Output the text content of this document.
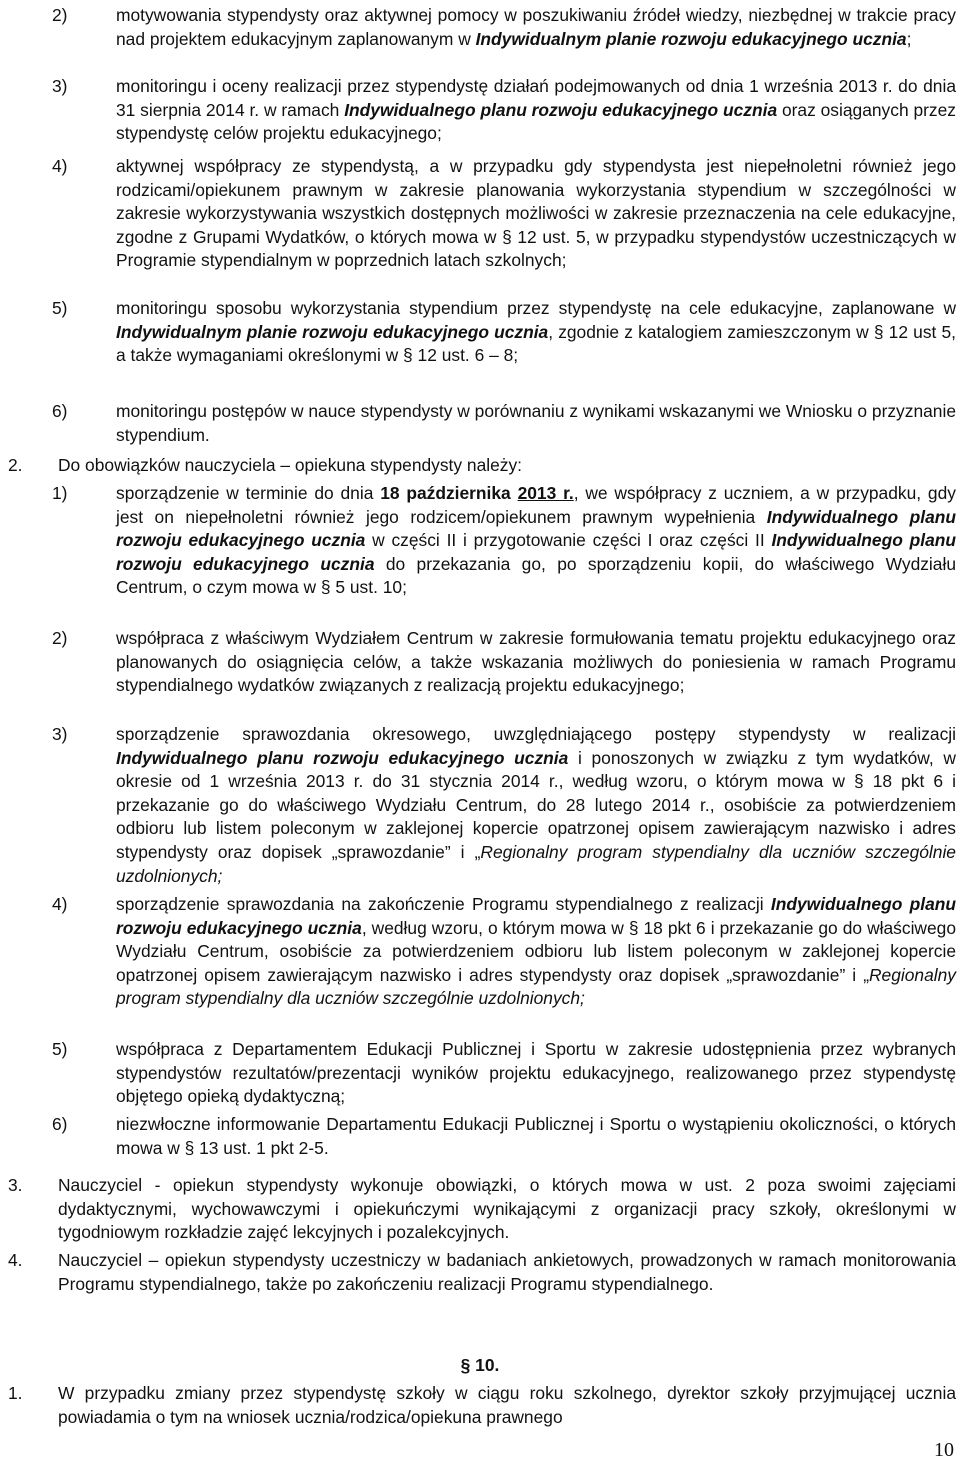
2)	motywowania stypendysty oraz aktywnej pomocy w poszukiwaniu źródeł wiedzy, niezbędnej w trakcie pracy nad projektem edukacyjnym zaplanowanym w Indywidualnym planie rozwoju edukacyjnego ucznia;

3)	monitoringu i oceny realizacji przez stypendystę działań podejmowanych od dnia 1 września 2013 r. do dnia 31 sierpnia 2014 r. w ramach Indywidualnego planu rozwoju edukacyjnego ucznia oraz osiąganych przez stypendystę celów projektu edukacyjnego;

4)	aktywnej współpracy ze stypendystą, a w przypadku gdy stypendysta jest niepełnoletni również jego rodzicami/opiekunem prawnym w zakresie planowania wykorzystania stypendium w szczególności w zakresie wykorzystywania wszystkich dostępnych możliwości w zakresie przeznaczenia na cele edukacyjne, zgodne z Grupami Wydatków, o których mowa w § 12 ust. 5, w przypadku stypendystów uczestniczących w Programie stypendialnym w poprzednich latach szkolnych;

5)	monitoringu sposobu wykorzystania stypendium przez stypendystę na cele edukacyjne, zaplanowane w Indywidualnym planie rozwoju edukacyjnego ucznia, zgodnie z katalogiem zamieszczonym w § 12 ust 5, a także wymaganiami określonymi w § 12 ust. 6 – 8;

6)	monitoringu postępów w nauce stypendysty w porównaniu z wynikami wskazanymi we Wniosku o przyznanie stypendium.

2. Do obowiązków nauczyciela – opiekuna stypendysty należy:

1)	sporządzenie w terminie do dnia 18 października 2013 r., we współpracy z uczniem, a w przypadku, gdy jest on niepełnoletni również jego rodzicem/opiekunem prawnym wypełnienia Indywidualnego planu rozwoju edukacyjnego ucznia w części II i przygotowanie części I oraz części II Indywidualnego planu rozwoju edukacyjnego ucznia do przekazania go, po sporządzeniu kopii, do właściwego Wydziału Centrum, o czym mowa w § 5 ust. 10;

2)	współpraca z właściwym Wydziałem Centrum w zakresie formułowania tematu projektu edukacyjnego oraz planowanych do osiągnięcia celów, a także wskazania możliwych do poniesienia w ramach Programu stypendialnego wydatków związanych z realizacją projektu edukacyjnego;

3)	sporządzenie sprawozdania okresowego, uwzględniającego postępy stypendysty w realizacji Indywidualnego planu rozwoju edukacyjnego ucznia i ponoszonych w związku z tym wydatków, w okresie od 1 września 2013 r. do 31 stycznia 2014 r., według wzoru, o którym mowa w § 18 pkt 6 i przekazanie go do właściwego Wydziału Centrum, do 28 lutego 2014 r., osobiście za potwierdzeniem odbioru lub listem poleconym w zaklejonej kopercie opatrzonej opisem zawierającym nazwisko i adres stypendysty oraz dopisek „sprawozdanie” i „Regionalny program stypendialny dla uczniów szczególnie uzdolnionych;

4)	sporządzenie sprawozdania na zakończenie Programu stypendialnego z realizacji Indywidualnego planu rozwoju edukacyjnego ucznia, według wzoru, o którym mowa w § 18 pkt 6 i przekazanie go do właściwego Wydziału Centrum, osobiście za potwierdzeniem odbioru lub listem poleconym w zaklejonej kopercie opatrzonej opisem zawierającym nazwisko i adres stypendysty oraz dopisek „sprawozdanie” i „Regionalny program stypendialny dla uczniów szczególnie uzdolnionych;

5)	współpraca z Departamentem Edukacji Publicznej i Sportu w zakresie udostępnienia przez wybranych stypendystów rezultatów/prezentacji wyników projektu edukacyjnego, realizowanego przez stypendystę objętego opieką dydaktyczną;

6)	niezwłoczne informowanie Departamentu Edukacji Publicznej i Sportu o wystąpieniu okoliczności, o których mowa w § 13 ust. 1 pkt 2-5.

3. Nauczyciel - opiekun stypendysty wykonuje obowiązki, o których mowa w ust. 2 poza swoimi zajęciami dydaktycznymi, wychowawczymi i opiekuńczymi wynikającymi z organizacji pracy szkoły, określonymi w tygodniowym rozkładzie zajęć lekcyjnych i pozalekcyjnych.

4. Nauczyciel – opiekun stypendysty uczestniczy w badaniach ankietowych, prowadzonych w ramach monitorowania Programu stypendialnego, także po zakończeniu realizacji Programu stypendialnego.

§ 10.

1. W przypadku zmiany przez stypendystę szkoły w ciągu roku szkolnego, dyrektor szkoły przyjmującej ucznia powiadamia o tym na wniosek ucznia/rodzica/opiekuna prawnego

10
